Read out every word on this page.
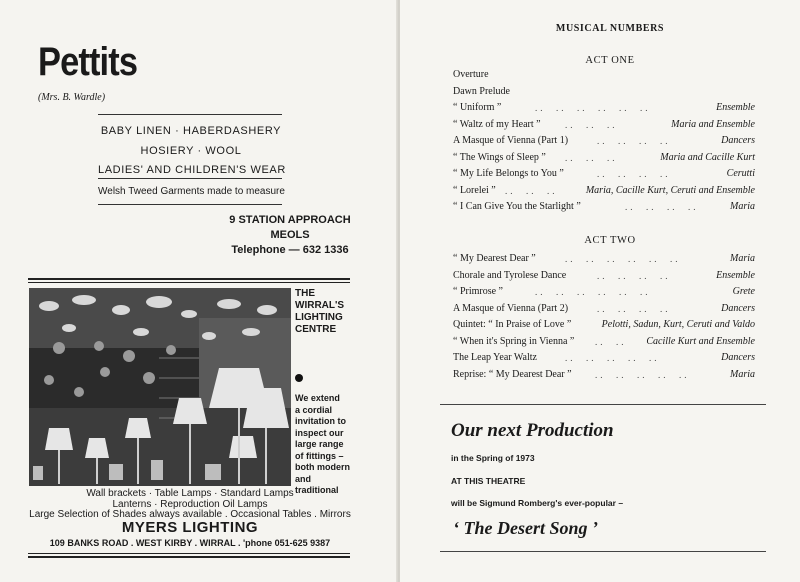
Pettits
(Mrs. B. Wardle)
BABY LINEN · HABERDASHERY
HOSIERY · WOOL
LADIES' AND CHILDREN'S WEAR
Welsh Tweed Garments made to measure
9 STATION APPROACH
MEOLS
Telephone — 632 1336
THE
WIRRAL'S
LIGHTING
CENTRE
We extend
a cordial
invitation to
inspect our
large range
of fittings –
both modern
and
traditional
Wall brackets · Table Lamps · Standard Lamps
Lanterns · Reproduction Oil Lamps
Large Selection of Shades always available . Occasional Tables . Mirrors
MYERS LIGHTING
109 BANKS ROAD . WEST KIRBY . WIRRAL . 'phone 051-625 9387
MUSICAL NUMBERS
ACT ONE
Overture
Dawn Prelude
“ Uniform ”	..  ..  ..  ..  ..  ..	Ensemble
“ Waltz of my Heart ”	..  ..  ..	Maria and Ensemble
A Masque of Vienna (Part 1)	..  ..  ..  ..	Dancers
“ The Wings of Sleep ” ..  ..  ..	Maria and Cacille Kurt
“ My Life Belongs to You ”	..  ..  ..  ..	Cerutti
“ Lorelei ” ..  ..  ..	Maria, Cacille Kurt, Ceruti and Ensemble
“ I Can Give You the Starlight ”	..  ..  ..  ..	Maria
ACT TWO
“ My Dearest Dear ”	..  ..  ..  ..  ..  ..	Maria
Chorale and Tyrolese Dance	..  ..  ..  ..	Ensemble
“ Primrose ”	..  ..  ..  ..  ..  ..	Grete
A Masque of Vienna (Part 2)	..  ..  ..  ..	Dancers
Quintet: “ In Praise of Love ”	Pelotti, Sadun, Kurt, Ceruti and Valdo
“ When it's Spring in Vienna ” ..  .. Cacille Kurt and Ensemble
The Leap Year Waltz	..  ..  ..  ..  ..	Dancers
Reprise: “ My Dearest Dear ”	..  ..  ..  ..  ..	Maria
Our next Production
in the Spring of 1973
AT THIS THEATRE
will be Sigmund Romberg's ever-popular –
‘ The Desert Song ’
